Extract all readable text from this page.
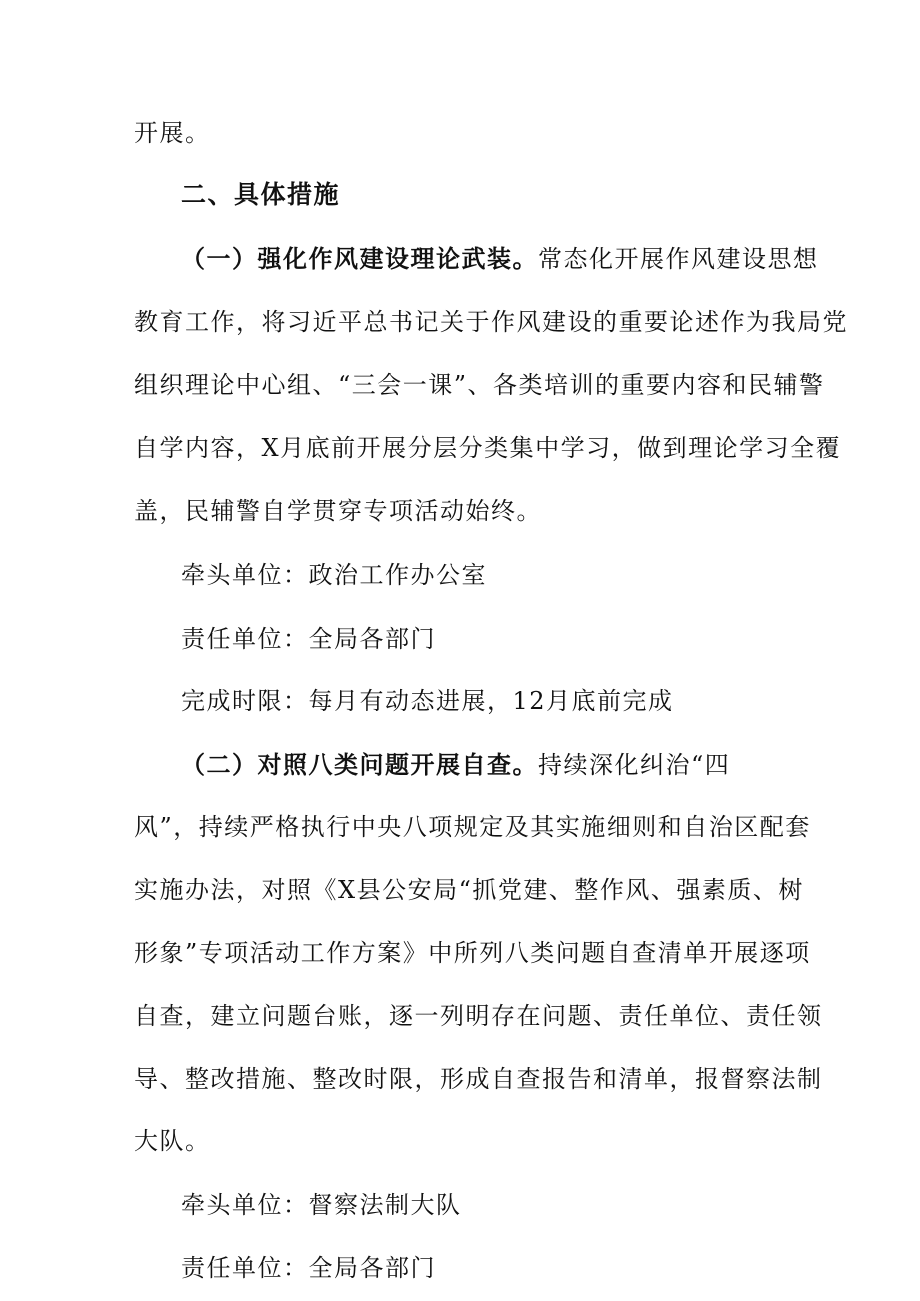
开展。
二、具体措施
（一）强化作风建设理论武装。常态化开展作风建设思想
教育工作，将习近平总书记关于作风建设的重要论述作为我局党
组织理论中心组、“三会一课”、各类培训的重要内容和民辅警
自学内容，X月底前开展分层分类集中学习，做到理论学习全覆
盖，民辅警自学贯穿专项活动始终。
牵头单位：政治工作办公室
责任单位：全局各部门
完成时限：每月有动态进展，12月底前完成
（二）对照八类问题开展自查。持续深化纠治“四
风”，持续严格执行中央八项规定及其实施细则和自治区配套
实施办法，对照《X县公安局“抓党建、整作风、强素质、树
形象”专项活动工作方案》中所列八类问题自查清单开展逐项
自查，建立问题台账，逐一列明存在问题、责任单位、责任领
导、整改措施、整改时限，形成自查报告和清单，报督察法制
大队。
牵头单位：督察法制大队
责任单位：全局各部门
